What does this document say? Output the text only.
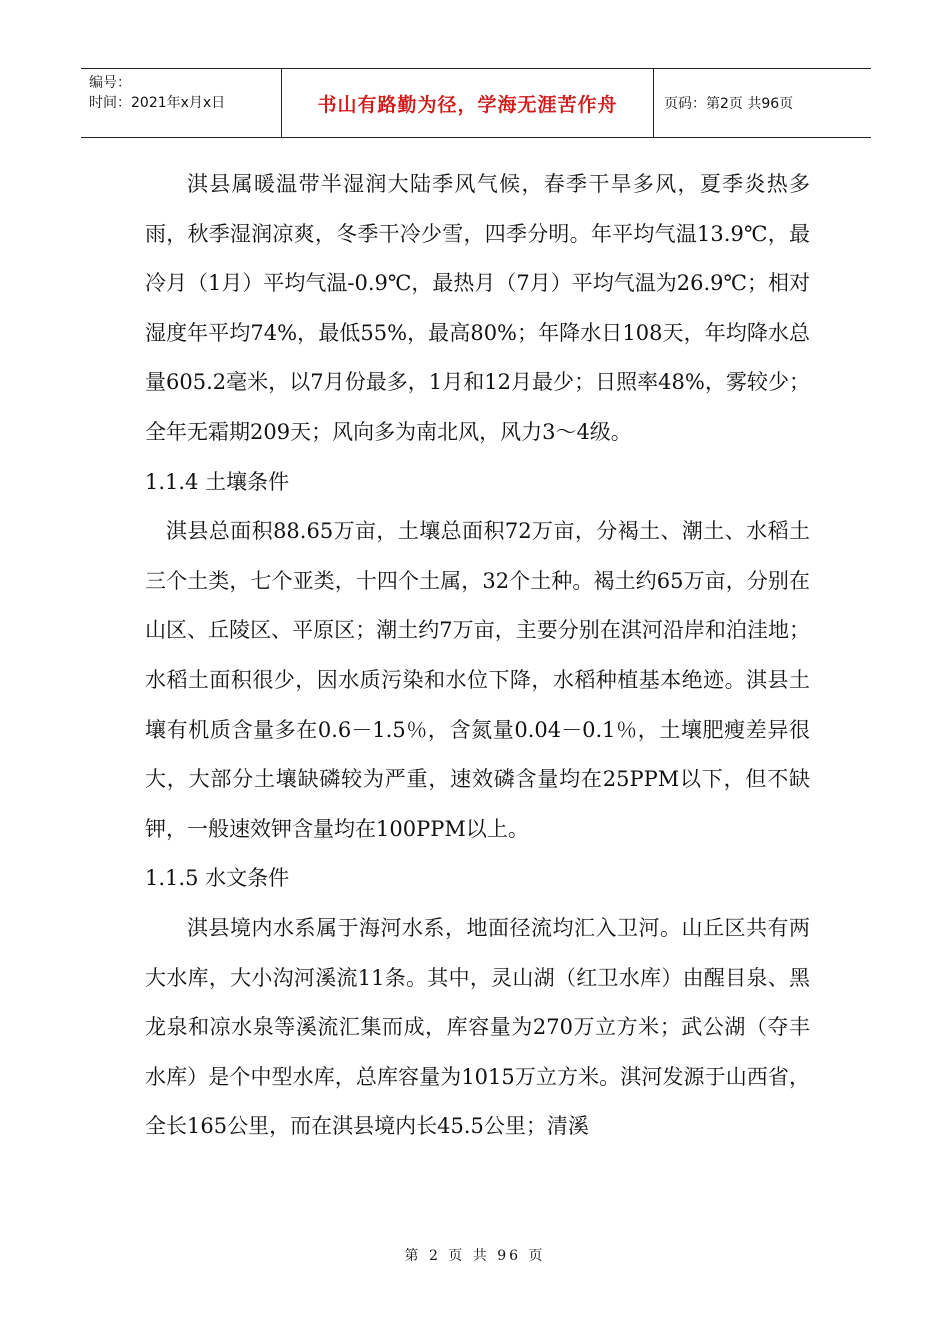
编号：
时间：2021年x月x日	书山有路勤为径，学海无涯苦作舟	页码：第2页 共96页

淇县属暖温带半湿润大陆季风气候，春季干旱多风，夏季炎热多雨，秋季湿润凉爽，冬季干冷少雪，四季分明。年平均气温13.9℃，最冷月（1月）平均气温-0.9℃，最热月（7月）平均气温为26.9℃；相对湿度年平均74%，最低55%，最高80%；年降水日108天，年均降水总量605.2毫米，以7月份最多，1月和12月最少；日照率48%，雾较少；全年无霜期209天；风向多为南北风，风力3～4级。

1.1.4 土壤条件

淇县总面积88.65万亩，土壤总面积72万亩，分褐土、潮土、水稻土三个土类，七个亚类，十四个土属，32个土种。褐土约65万亩，分别在山区、丘陵区、平原区；潮土约7万亩，主要分别在淇河沿岸和泊洼地；水稻土面积很少，因水质污染和水位下降，水稻种植基本绝迹。淇县土壤有机质含量多在0.6－1.5％，含氮量0.04－0.1％，土壤肥瘦差异很大，大部分土壤缺磷较为严重，速效磷含量均在25PPM以下，但不缺钾，一般速效钾含量均在100PPM以上。

1.1.5 水文条件

淇县境内水系属于海河水系，地面径流均汇入卫河。山丘区共有两大水库，大小沟河溪流11条。其中，灵山湖（红卫水库）由醒目泉、黑龙泉和凉水泉等溪流汇集而成，库容量为270万立方米；武公湖（夺丰水库）是个中型水库，总库容量为1015万立方米。淇河发源于山西省，全长165公里，而在淇县境内长45.5公里；清溪

第 2 页 共 96 页
